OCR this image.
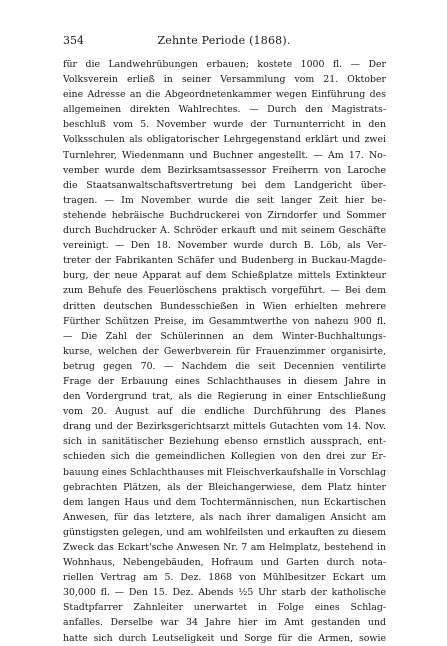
354	Zehnte Periode (1868).
für die Landwehrübungen erbauen; kostete 1000 fl. — Der
Volksverein erließ in seiner Versammlung vom 21. Oktober
eine Adresse an die Abgeordnetenkammer wegen Einführung des
allgemeinen direkten Wahlrechtes. — Durch den Magistrats-
beschluß vom 5. November wurde der Turnunterricht in den
Volksschulen als obligatorischer Lehrgegenstand erklärt und zwei
Turnlehrer, Wiedenmann und Buchner angestellt. — Am 17. No-
vember wurde dem Bezirksamtsassessor Freiherrn von Laroche
die Staatsanwaltschaftsvertretung bei dem Landgericht über-
tragen. — Im November wurde die seit langer Zeit hier be-
stehende hebräische Buchdruckerei von Zirndorfer und Sommer
durch Buchdrucker A. Schröder erkauft und mit seinem Geschäfte
vereinigt. — Den 18. November wurde durch B. Löb, als Ver-
treter der Fabrikanten Schäfer und Budenberg in Buckau-Magde-
burg, der neue Apparat auf dem Schießplatze mittels Extinkteur
zum Behufe des Feuerlöschens praktisch vorgeführt. — Bei dem
dritten deutschen Bundesschießen in Wien erhielten mehrere
Fürther Schützen Preise, im Gesammtwerthe von nahezu 900 fl.
— Die Zahl der Schülerinnen an dem Winter-Buchhaltungs-
kurse, welchen der Gewerbverein für Frauenzimmer organisirte,
betrug gegen 70. — Nachdem die seit Decennien ventilirte
Frage der Erbauung eines Schlachthauses in diesem Jahre in
den Vordergrund trat, als die Regierung in einer Entschließung
vom 20. August auf die endliche Durchführung des Planes
drang und der Bezirksgerichtsarzt mittels Gutachten vom 14. Nov.
sich in sanitätischer Beziehung ebenso ernstlich aussprach, ent-
schieden sich die gemeindlichen Kollegien von den drei zur Er-
bauung eines Schlachthauses mit Fleischverkaufshalle in Vorschlag
gebrachten Plätzen, als der Bleichangerwiese, dem Platz hinter
dem langen Haus und dem Tochtermännischen, nun Eckartischen
Anwesen, für das letztere, als nach ihrer damaligen Ansicht am
günstigsten gelegen, und am wohlfeilsten und erkauften zu diesem
Zweck das Eckart'sche Anwesen Nr. 7 am Helmplatz, bestehend in
Wohnhaus, Nebengebäuden, Hofraum und Garten durch nota-
riellen Vertrag am 5. Dez. 1868 von Mühlbesitzer Eckart um
30,000 fl. — Den 15. Dez. Abends ½5 Uhr starb der katholische
Stadtpfarrer Zahnleiter unerwartet in Folge eines Schlag-
anfalles. Derselbe war 34 Jahre hier im Amt gestanden und
hatte sich durch Leutseligkeit und Sorge für die Armen, sowie
